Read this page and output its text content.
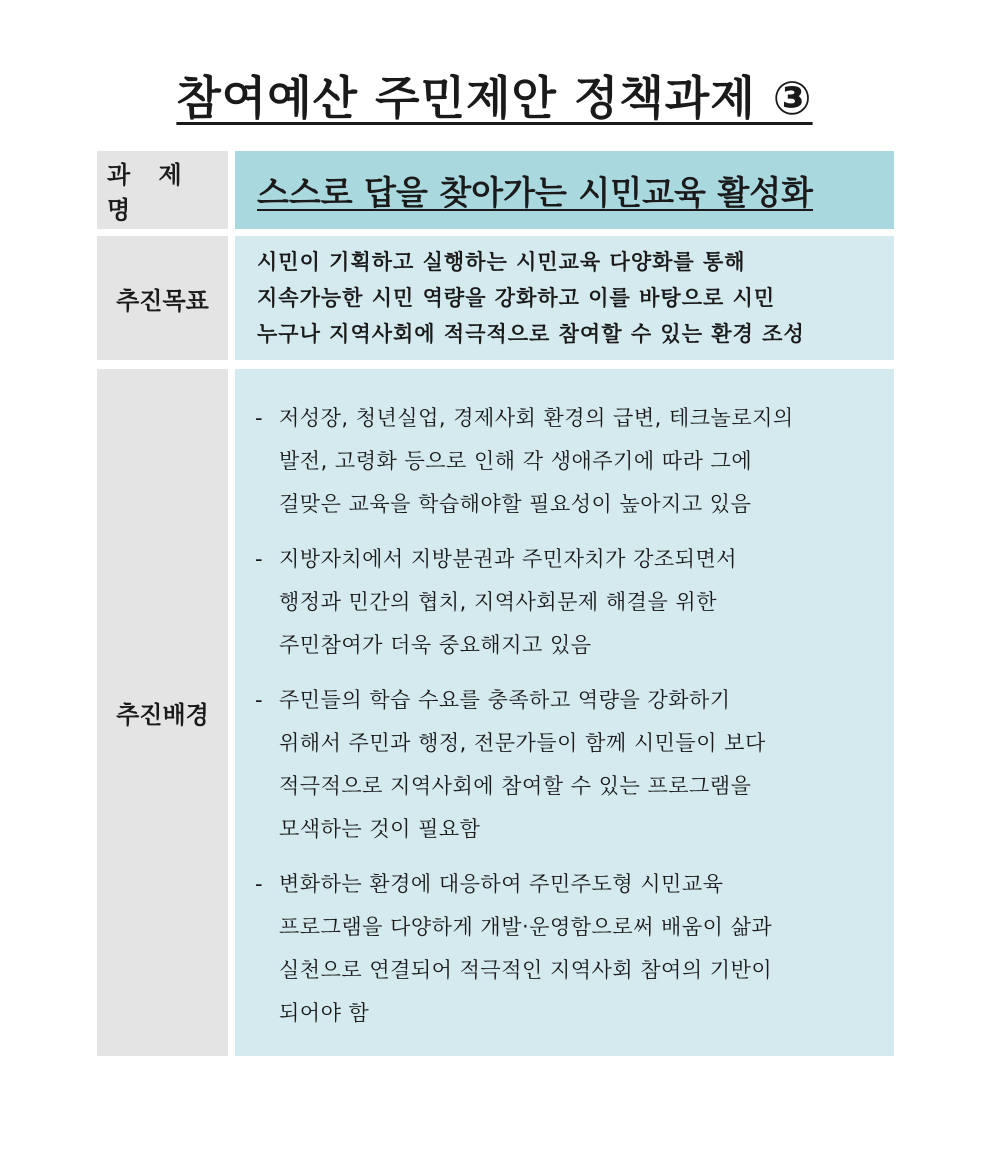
참여예산 주민제안 정책과제 ③
과 제 명	스스로 답을 찾아가는 시민교육 활성화
추진목표
시민이 기획하고 실행하는 시민교육 다양화를 통해
지속가능한 시민 역량을 강화하고 이를 바탕으로 시민
누구나 지역사회에 적극적으로 참여할 수 있는 환경 조성
추진배경
- 저성장, 청년실업, 경제사회 환경의 급변, 테크놀로지의
발전, 고령화 등으로 인해 각 생애주기에 따라 그에
걸맞은 교육을 학습해야할 필요성이 높아지고 있음
- 지방자치에서 지방분권과 주민자치가 강조되면서
행정과 민간의 협치, 지역사회문제 해결을 위한
주민참여가 더욱 중요해지고 있음
- 주민들의 학습 수요를 충족하고 역량을 강화하기
위해서 주민과 행정, 전문가들이 함께 시민들이 보다
적극적으로 지역사회에 참여할 수 있는 프로그램을
모색하는 것이 필요함
- 변화하는 환경에 대응하여 주민주도형 시민교육
프로그램을 다양하게 개발‧운영함으로써 배움이 삶과
실천으로 연결되어 적극적인 지역사회 참여의 기반이
되어야 함
